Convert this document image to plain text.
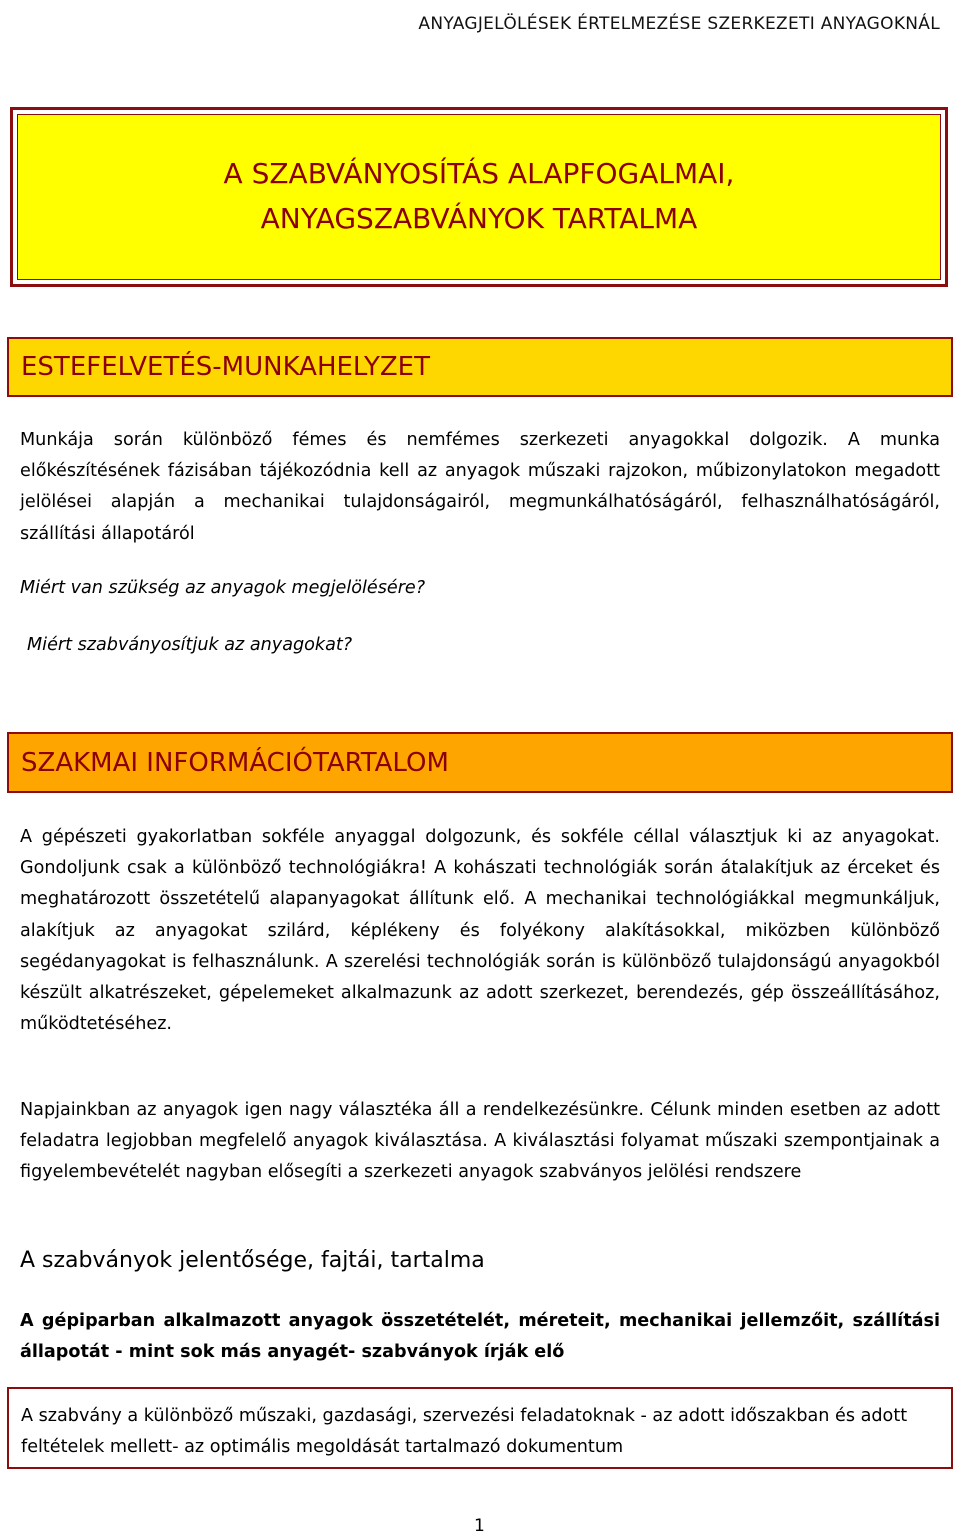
ANYAGJELÖLÉSEK ÉRTELMEZÉSE SZERKEZETI ANYAGOKNÁL
A SZABVÁNYOSÍTÁS ALAPFOGALMAI,
ANYAGSZABVÁNYOK TARTALMA
ESTEFELVETÉS-MUNKAHELYZET

Munkája során különböző fémes és nemfémes szerkezeti anyagokkal dolgozik. A munka előkészítésének fázisában tájékozódnia kell az anyagok műszaki rajzokon, műbizonylatokon megadott jelölései alapján a mechanikai tulajdonságairól, megmunkálhatóságáról, felhasználhatóságáról, szállítási állapotáról

Miért van szükség az anyagok megjelölésére?
Miért szabványosítjuk az anyagokat?
SZAKMAI INFORMÁCIÓTARTALOM

A gépészeti gyakorlatban sokféle anyaggal dolgozunk, és sokféle céllal választjuk ki az anyagokat. Gondoljunk csak a különböző technológiákra! A kohászati technológiák során átalakítjuk az érceket és meghatározott összetételű alapanyagokat állítunk elő. A mechanikai technológiákkal megmunkáljuk, alakítjuk az anyagokat szilárd, képlékeny és folyékony alakításokkal, miközben különböző segédanyagokat is felhasználunk. A szerelési technológiák során is különböző tulajdonságú anyagokból készült alkatrészeket, gépelemeket alkalmazunk az adott szerkezet, berendezés, gép összeállításához, működtetéséhez.

Napjainkban az anyagok igen nagy választéka áll a rendelkezésünkre. Célunk minden esetben az adott feladatra legjobban megfelelő anyagok kiválasztása. A kiválasztási folyamat műszaki szempontjainak a figyelembevételét nagyban elősegíti a szerkezeti anyagok szabványos jelölési rendszere

A szabványok jelentősége, fajtái, tartalma

A gépiparban alkalmazott anyagok összetételét, méreteit, mechanikai jellemzőit, szállítási állapotát - mint sok más anyagét- szabványok írják elő

A szabvány a különböző műszaki, gazdasági, szervezési feladatoknak - az adott időszakban és adott feltételek mellett- az optimális megoldását tartalmazó dokumentum
1
